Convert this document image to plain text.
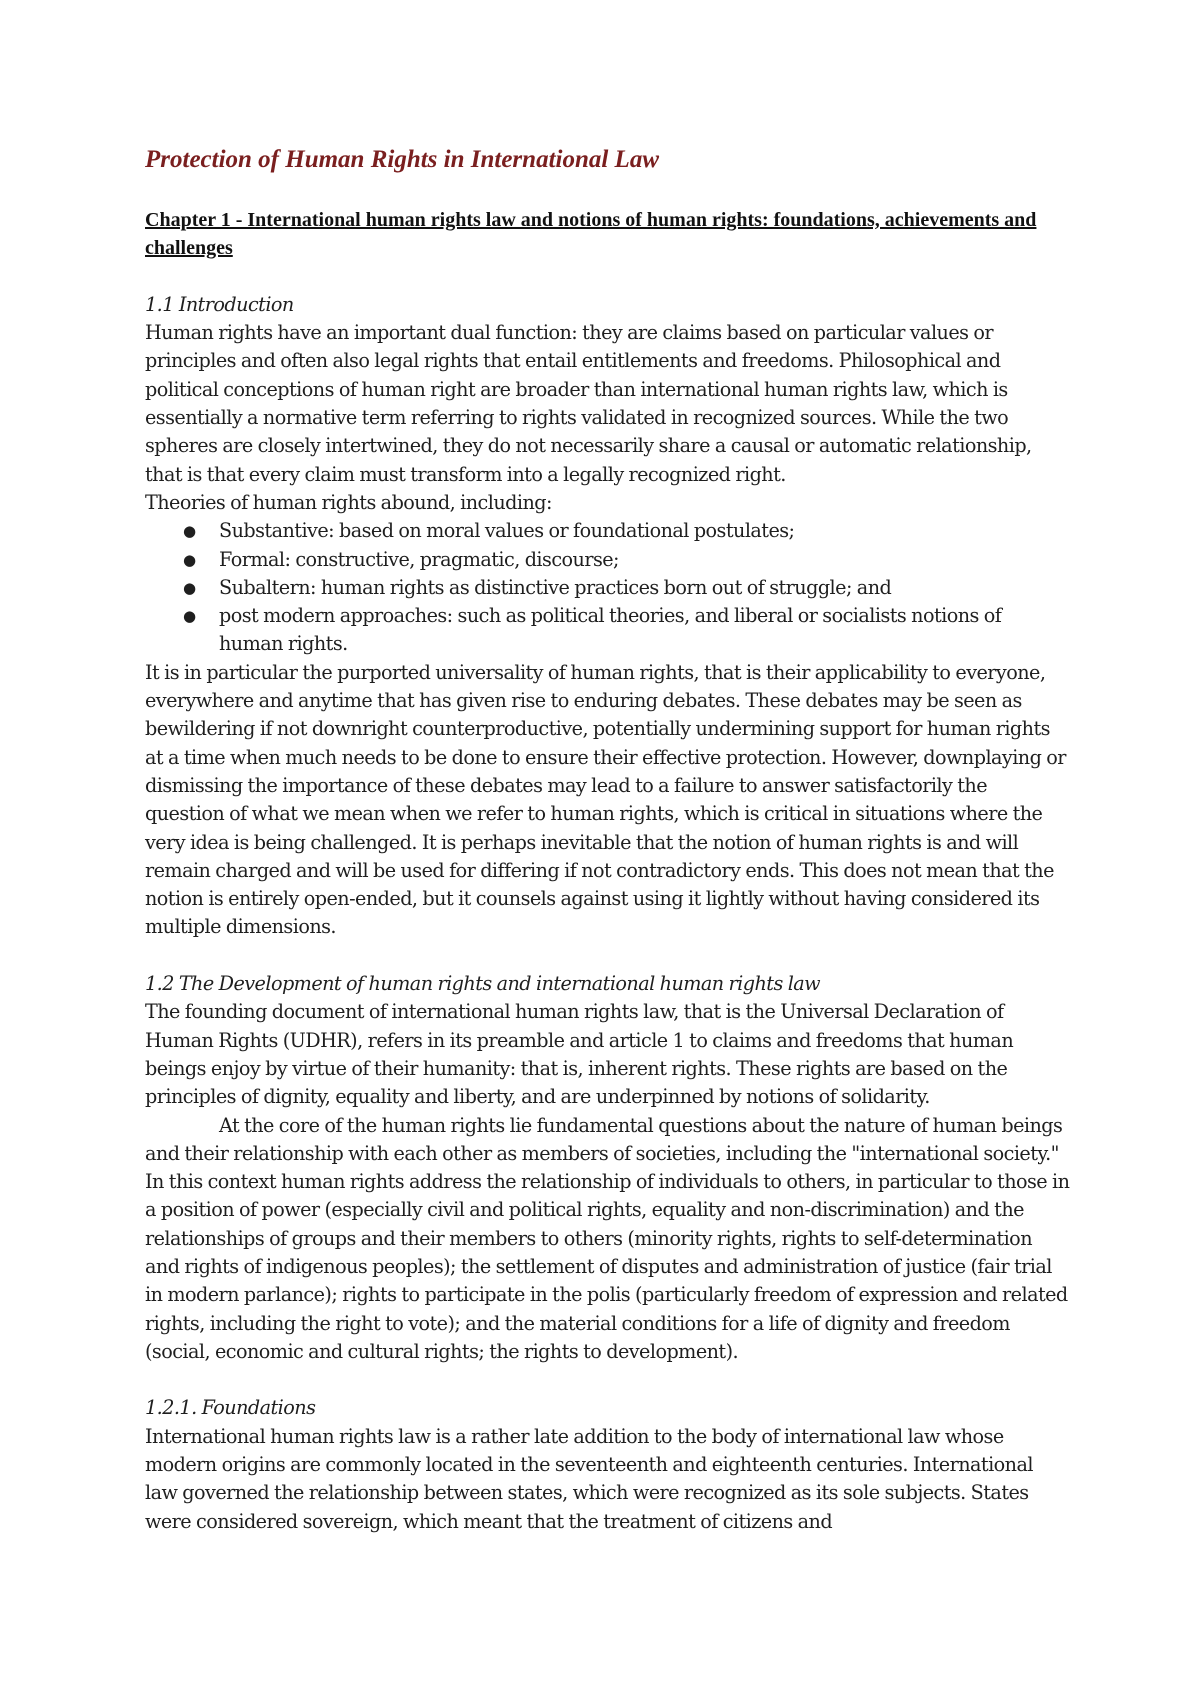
Protection of Human Rights in International Law
Chapter 1 - International human rights law and notions of human rights: foundations, achievements and challenges
1.1 Introduction

Human rights have an important dual function: they are claims based on particular values or principles and often also legal rights that entail entitlements and freedoms. Philosophical and political conceptions of human right are broader than international human rights law, which is essentially a normative term referring to rights validated in recognized sources. While the two spheres are closely intertwined, they do not necessarily share a causal or automatic relationship, that is that every claim must transform into a legally recognized right.

Theories of human rights abound, including:

● Substantive: based on moral values or foundational postulates;
● Formal: constructive, pragmatic, discourse;
● Subaltern: human rights as distinctive practices born out of struggle; and
● post modern approaches: such as political theories, and liberal or socialists notions of human rights.

It is in particular the purported universality of human rights, that is their applicability to everyone, everywhere and anytime that has given rise to enduring debates. These debates may be seen as bewildering if not downright counterproductive, potentially undermining support for human rights at a time when much needs to be done to ensure their effective protection. However, downplaying or dismissing the importance of these debates may lead to a failure to answer satisfactorily the question of what we mean when we refer to human rights, which is critical in situations where the very idea is being challenged. It is perhaps inevitable that the notion of human rights is and will remain charged and will be used for differing if not contradictory ends. This does not mean that the notion is entirely open-ended, but it counsels against using it lightly without having considered its multiple dimensions.

1.2 The Development of human rights and international human rights law

The founding document of international human rights law, that is the Universal Declaration of Human Rights (UDHR), refers in its preamble and article 1 to claims and freedoms that human beings enjoy by virtue of their humanity: that is, inherent rights. These rights are based on the principles of dignity, equality and liberty, and are underpinned by notions of solidarity.

At the core of the human rights lie fundamental questions about the nature of human beings and their relationship with each other as members of societies, including the "international society." In this context human rights address the relationship of individuals to others, in particular to those in a position of power (especially civil and political rights, equality and non-discrimination) and the relationships of groups and their members to others (minority rights, rights to self-determination and rights of indigenous peoples); the settlement of disputes and administration of justice (fair trial in modern parlance); rights to participate in the polis (particularly freedom of expression and related rights, including the right to vote); and the material conditions for a life of dignity and freedom (social, economic and cultural rights; the rights to development).

1.2.1. Foundations

International human rights law is a rather late addition to the body of international law whose modern origins are commonly located in the seventeenth and eighteenth centuries. International law governed the relationship between states, which were recognized as its sole subjects. States were considered sovereign, which meant that the treatment of citizens and
